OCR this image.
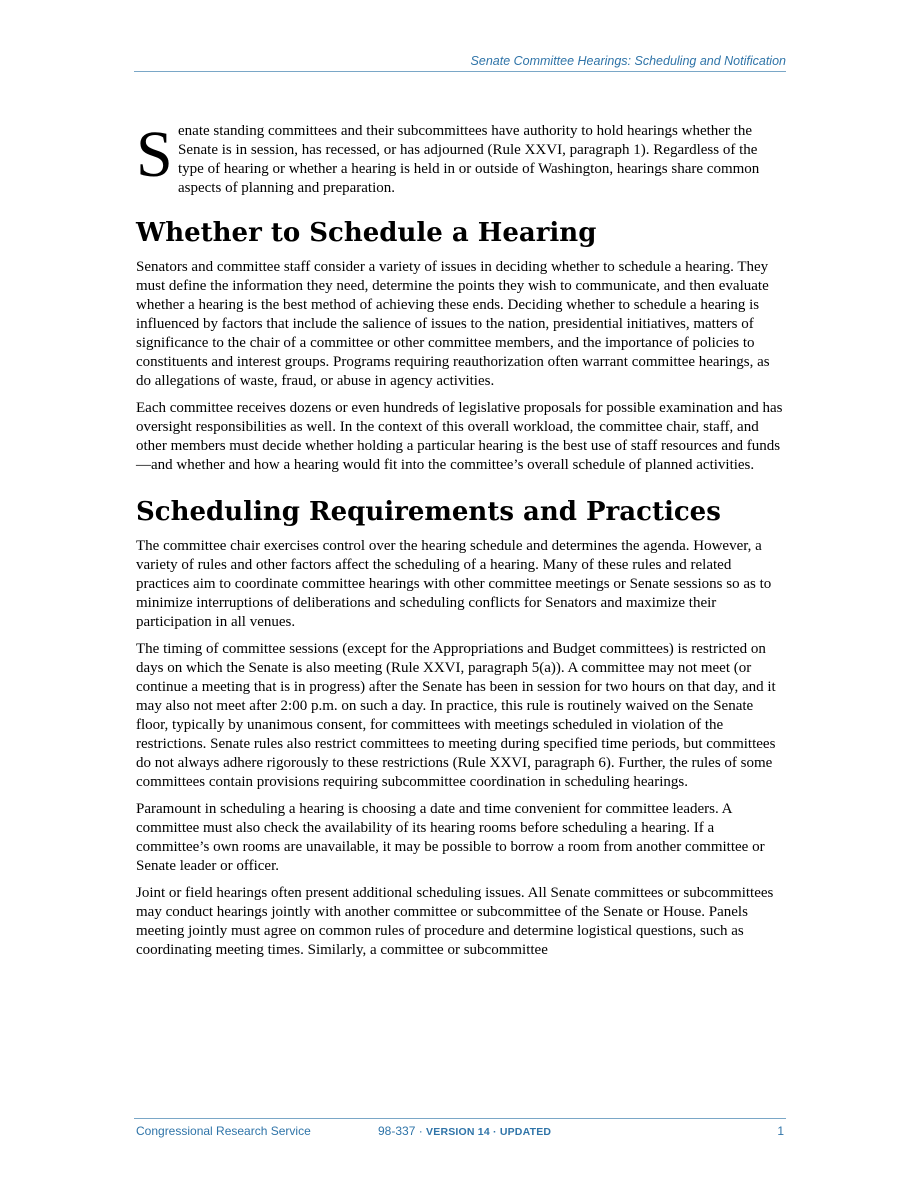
Senate Committee Hearings: Scheduling and Notification
S enate standing committees and their subcommittees have authority to hold hearings whether the Senate is in session, has recessed, or has adjourned (Rule XXVI, paragraph 1). Regardless of the type of hearing or whether a hearing is held in or outside of Washington, hearings share common aspects of planning and preparation.
Whether to Schedule a Hearing

Senators and committee staff consider a variety of issues in deciding whether to schedule a hearing. They must define the information they need, determine the points they wish to communicate, and then evaluate whether a hearing is the best method of achieving these ends. Deciding whether to schedule a hearing is influenced by factors that include the salience of issues to the nation, presidential initiatives, matters of significance to the chair of a committee or other committee members, and the importance of policies to constituents and interest groups. Programs requiring reauthorization often warrant committee hearings, as do allegations of waste, fraud, or abuse in agency activities.

Each committee receives dozens or even hundreds of legislative proposals for possible examination and has oversight responsibilities as well. In the context of this overall workload, the committee chair, staff, and other members must decide whether holding a particular hearing is the best use of staff resources and funds—and whether and how a hearing would fit into the committee’s overall schedule of planned activities.

Scheduling Requirements and Practices

The committee chair exercises control over the hearing schedule and determines the agenda. However, a variety of rules and other factors affect the scheduling of a hearing. Many of these rules and related practices aim to coordinate committee hearings with other committee meetings or Senate sessions so as to minimize interruptions of deliberations and scheduling conflicts for Senators and maximize their participation in all venues.

The timing of committee sessions (except for the Appropriations and Budget committees) is restricted on days on which the Senate is also meeting (Rule XXVI, paragraph 5(a)). A committee may not meet (or continue a meeting that is in progress) after the Senate has been in session for two hours on that day, and it may also not meet after 2:00 p.m. on such a day. In practice, this rule is routinely waived on the Senate floor, typically by unanimous consent, for committees with meetings scheduled in violation of the restrictions. Senate rules also restrict committees to meeting during specified time periods, but committees do not always adhere rigorously to these restrictions (Rule XXVI, paragraph 6). Further, the rules of some committees contain provisions requiring subcommittee coordination in scheduling hearings.

Paramount in scheduling a hearing is choosing a date and time convenient for committee leaders. A committee must also check the availability of its hearing rooms before scheduling a hearing. If a committee’s own rooms are unavailable, it may be possible to borrow a room from another committee or Senate leader or officer.

Joint or field hearings often present additional scheduling issues. All Senate committees or subcommittees may conduct hearings jointly with another committee or subcommittee of the Senate or House. Panels meeting jointly must agree on common rules of procedure and determine logistical questions, such as coordinating meeting times. Similarly, a committee or subcommittee

Congressional Research Service	98-337 · VERSION 14 · UPDATED	1
